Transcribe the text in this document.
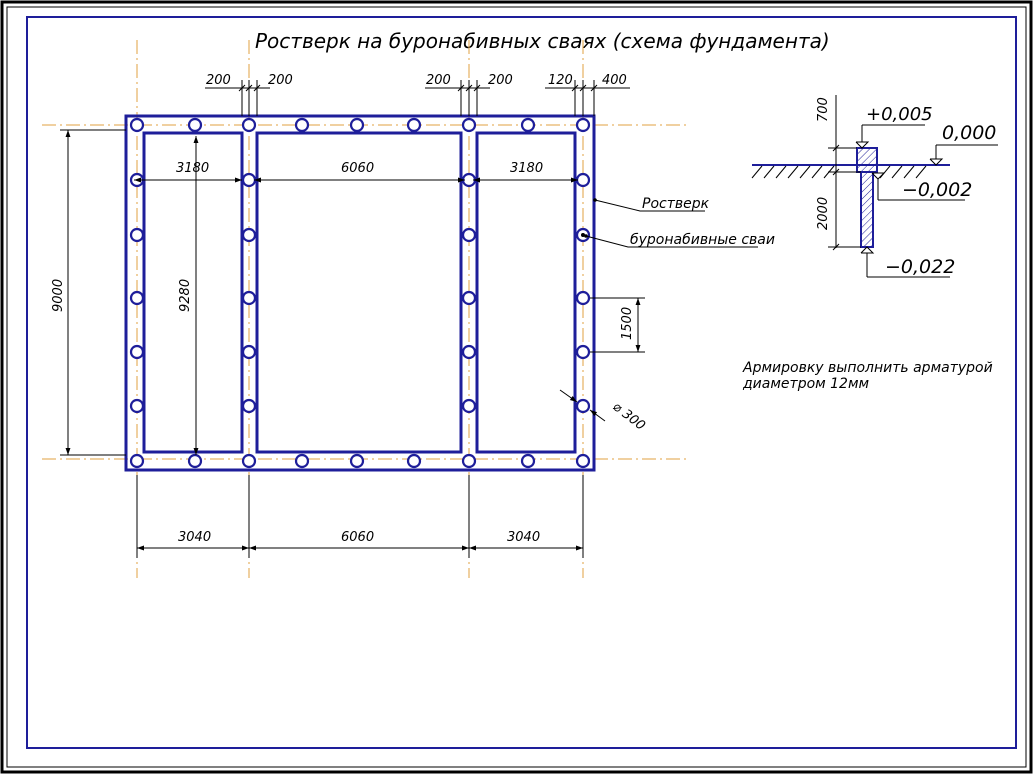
Ростверк на буронабивных сваях (схема фундамента)
200	200	200	200	120 400
3180	6060	3180
3040	6060	3040
9000	9280
1500
⌀ 300
Ростверк
буронабивные сваи
700
2000
+0,005
0,000
−0,002
−0,022
Армировку выполнить арматурой
диаметром 12мм
